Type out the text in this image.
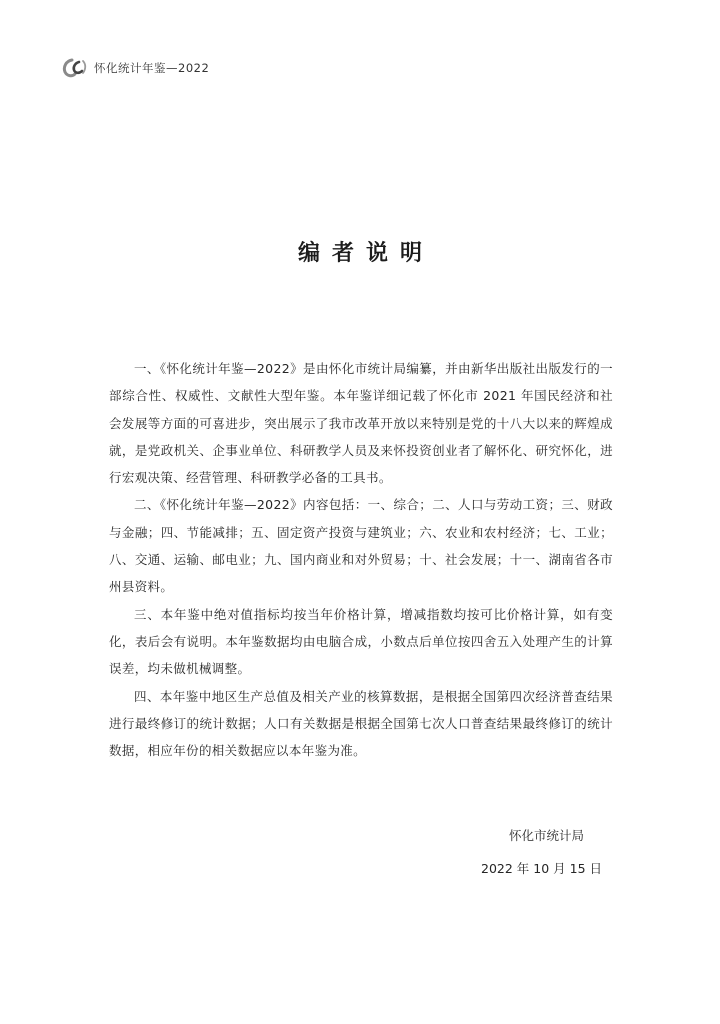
怀化统计年鉴—2022
编者说明

一、《怀化统计年鉴—2022》是由怀化市统计局编纂，并由新华出版社出版发行的一部综合性、权威性、文献性大型年鉴。本年鉴详细记载了怀化市 2021 年国民经济和社会发展等方面的可喜进步，突出展示了我市改革开放以来特别是党的十八大以来的辉煌成就，是党政机关、企事业单位、科研教学人员及来怀投资创业者了解怀化、研究怀化，进行宏观决策、经营管理、科研教学必备的工具书。

二、《怀化统计年鉴—2022》内容包括：一、综合；二、人口与劳动工资；三、财政与金融；四、节能减排；五、固定资产投资与建筑业；六、农业和农村经济；七、工业；八、交通、运输、邮电业；九、国内商业和对外贸易；十、社会发展；十一、湖南省各市州县资料。

三、本年鉴中绝对值指标均按当年价格计算，增减指数均按可比价格计算，如有变化，表后会有说明。本年鉴数据均由电脑合成，小数点后单位按四舍五入处理产生的计算误差，均未做机械调整。

四、本年鉴中地区生产总值及相关产业的核算数据，是根据全国第四次经济普查结果进行最终修订的统计数据；人口有关数据是根据全国第七次人口普查结果最终修订的统计数据，相应年份的相关数据应以本年鉴为准。

怀化市统计局
2022 年 10 月 15 日
